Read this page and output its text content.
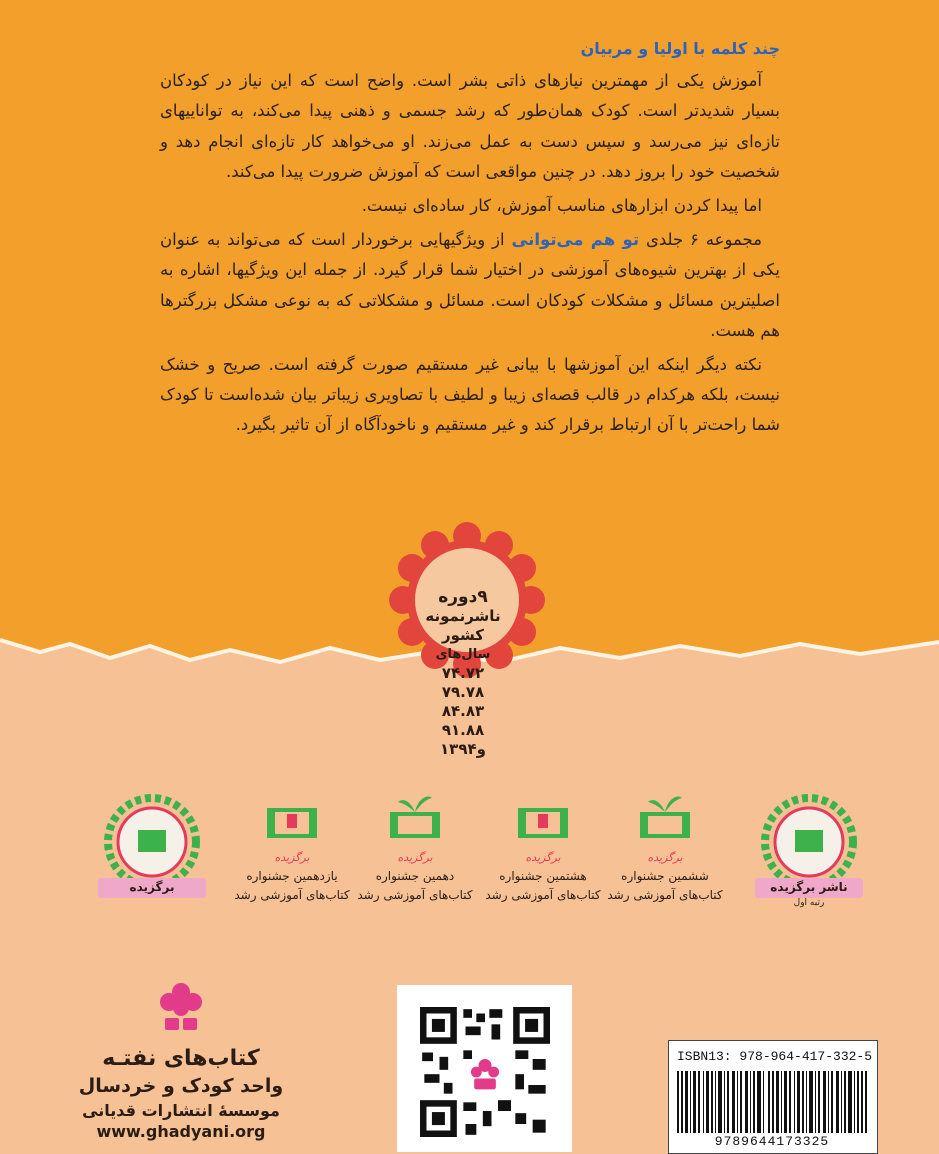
چند کلمه با اولیا و مربیان

آموزش یکی از مهمترین نیازهای ذاتی بشر است. واضح است که این نیاز در کودکان بسیار شدیدتر است. کودک همان‌طور که رشد جسمی و ذهنی پیدا می‌کند، به تواناییهای تازه‌ای نیز می‌رسد و سپس دست به عمل می‌زند. او می‌خواهد کار تازه‌ای انجام دهد و شخصیت خود را بروز دهد. در چنین مواقعی است که آموزش ضرورت پیدا می‌کند.

اما پیدا کردن ابزارهای مناسب آموزش، کار ساده‌ای نیست.

مجموعه ۶ جلدی تو هم می‌توانی از ویژگیهایی برخوردار است که می‌تواند به عنوان یکی از بهترین شیوه‌های آموزشی در اختیار شما قرار گیرد. از جمله این ویژگیها، اشاره به اصلیترین مسائل و مشکلات کودکان است. مسائل و مشکلاتی که به نوعی مشکل بزرگترها هم هست.

نکته دیگر اینکه این آموزشها با بیانی غیر مستقیم صورت گرفته است. صریح و خشک نیست، بلکه هرکدام در قالب قصه‌ای زیبا و لطیف با تصاویری زیباتر بیان شده‌است تا کودک شما راحت‌تر با آن ارتباط برقرار کند و غیر مستقیم و ناخودآگاه از آن تاثیر بگیرد.

۹دوره
ناشرنمونه
کشور
سال‌های
۷۴.۷۲
۷۹.۷۸
۸۴.۸۳
۹۱.۸۸
و۱۳۹۴
برگزیده	ناشر برگزیده
رتبه اول
برگزیده
ششمین جشنواره
کتاب‌های آموزشی رشد
برگزیده
هشتمین جشنواره
کتاب‌های آموزشی رشد
برگزیده
دهمین جشنواره
کتاب‌های آموزشی رشد
برگزیده
یازدهمین جشنواره
کتاب‌های آموزشی رشد
کتاب‌های‌ نفتـه
واحد کودک و خردسال
موسسهٔ انتشارات قدیانی
www.ghadyani.org
ISBN13: 978-964-417-332-5
9789644173325
